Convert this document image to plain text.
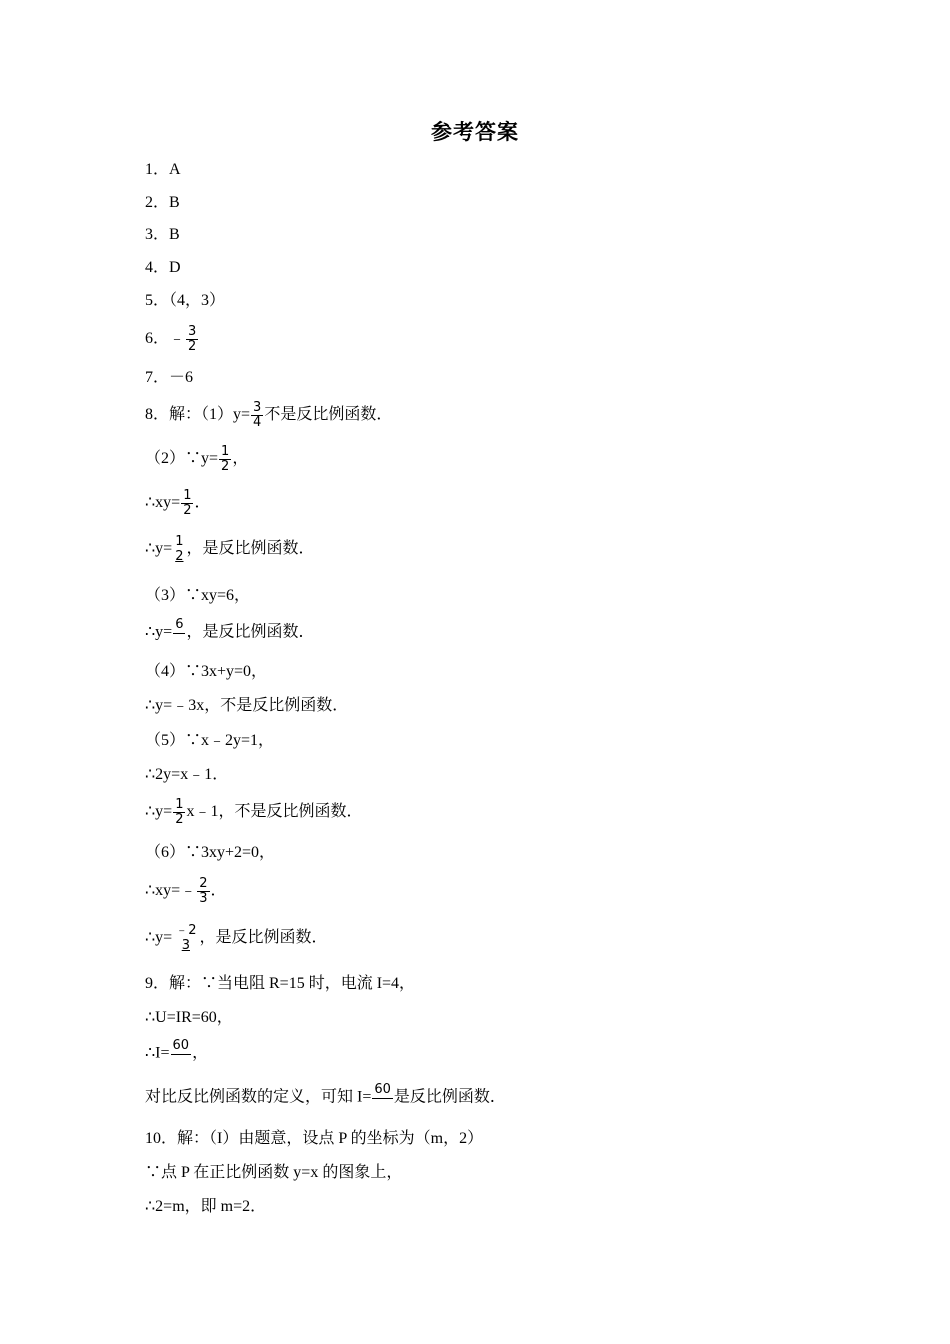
参考答案
1．A
2．B
3．B
4．D
5．（4，3）
6．﹣ $\frac{3}{2}$
7．－6
8．解：$(1)y= \frac{3}{4}$ 不是反比例函数．
（2）∵y= $\frac{1}{2}$ ，
∴xy= $\frac{1}{2}$ ．
∴y= 1
2 ，是反比例函数．
（3）∵xy=6，
∴y= 6 ，是反比例函数．
（4）∵3x+y=0，
∴y=﹣3x，不是反比例函数．
（5）∵x﹣2y=1，
∴2y=x﹣1．
∴y= $\frac{1}{2}$ x﹣1，不是反比例函数．
（6）∵3xy+2=0，
∴xy=﹣ $\frac{2}{3}$ ．
∴y= ﹣2
3 ，是反比例函数．
9．解：∵当电阻 R=15 时，电流 I=4，
∴U=IR=60，
∴I= 60 ，
对比反比例函数的定义，可知 I= 60 是反比例函数．
10．解：（I）由题意，设点 P 的坐标为（m，2）
∵点 P 在正比例函数 y=x 的图象上，
∴2=m，即 m=2．
